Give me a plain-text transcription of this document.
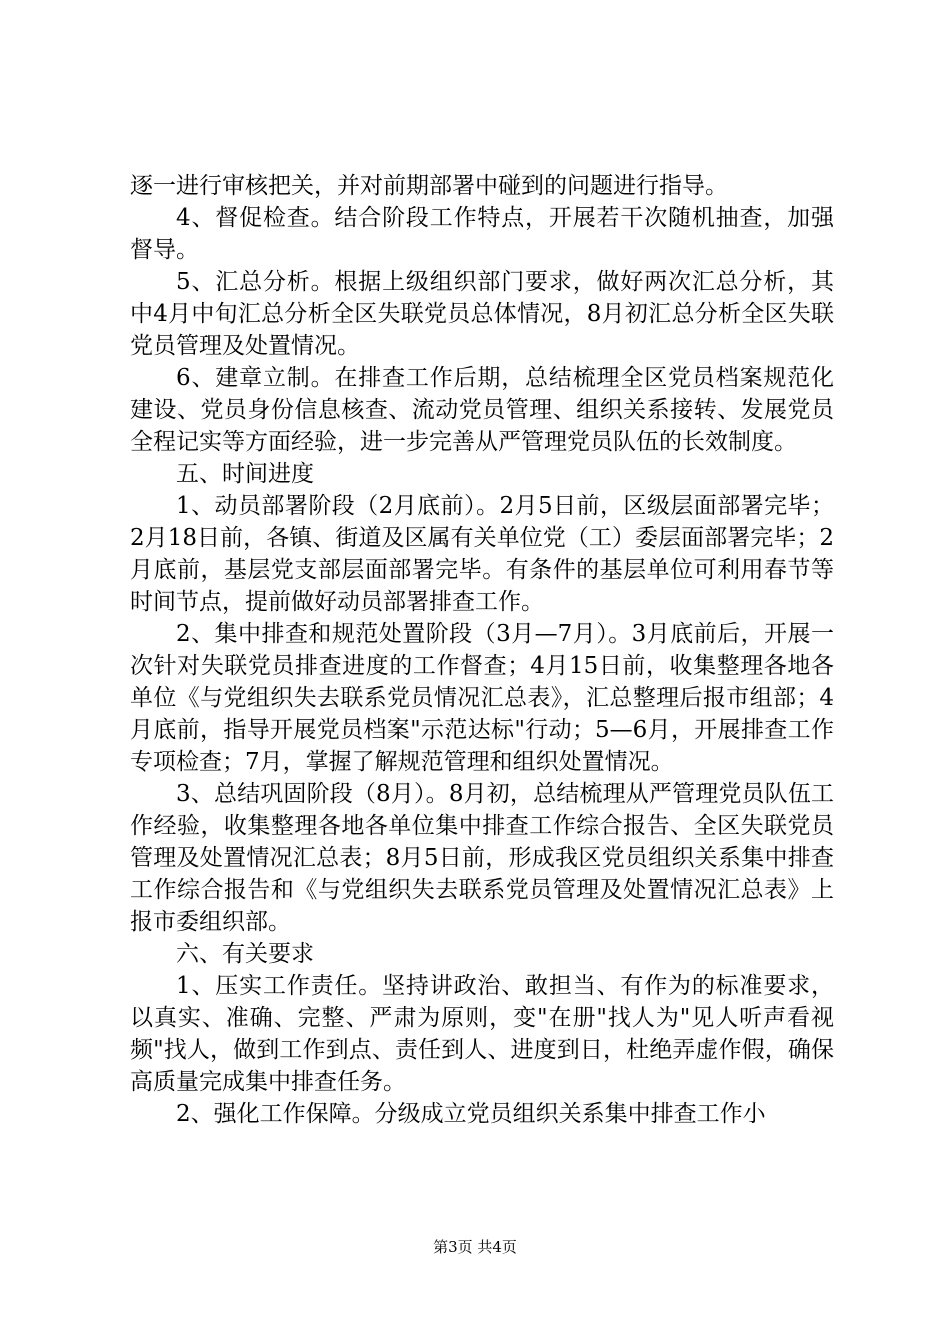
逐一进行审核把关，并对前期部署中碰到的问题进行指导。

4、督促检查。结合阶段工作特点，开展若干次随机抽查，加强督导。

5、汇总分析。根据上级组织部门要求，做好两次汇总分析，其中4月中旬汇总分析全区失联党员总体情况，8月初汇总分析全区失联党员管理及处置情况。

6、建章立制。在排查工作后期，总结梳理全区党员档案规范化建设、党员身份信息核查、流动党员管理、组织关系接转、发展党员全程记实等方面经验，进一步完善从严管理党员队伍的长效制度。

五、时间进度

1、动员部署阶段（2月底前）。2月5日前，区级层面部署完毕；2月18日前，各镇、街道及区属有关单位党（工）委层面部署完毕；2月底前，基层党支部层面部署完毕。有条件的基层单位可利用春节等时间节点，提前做好动员部署排查工作。

2、集中排查和规范处置阶段（3月—7月）。3月底前后，开展一次针对失联党员排查进度的工作督查；4月15日前，收集整理各地各单位《与党组织失去联系党员情况汇总表》，汇总整理后报市组部；4月底前，指导开展党员档案"示范达标"行动；5—6月，开展排查工作专项检查；7月，掌握了解规范管理和组织处置情况。

3、总结巩固阶段（8月）。8月初，总结梳理从严管理党员队伍工作经验，收集整理各地各单位集中排查工作综合报告、全区失联党员管理及处置情况汇总表；8月5日前，形成我区党员组织关系集中排查工作综合报告和《与党组织失去联系党员管理及处置情况汇总表》上报市委组织部。

六、有关要求

1、压实工作责任。坚持讲政治、敢担当、有作为的标准要求，以真实、准确、完整、严肃为原则，变"在册"找人为"见人听声看视频"找人，做到工作到点、责任到人、进度到日，杜绝弄虚作假，确保高质量完成集中排查任务。

2、强化工作保障。分级成立党员组织关系集中排查工作小

第3页 共4页
